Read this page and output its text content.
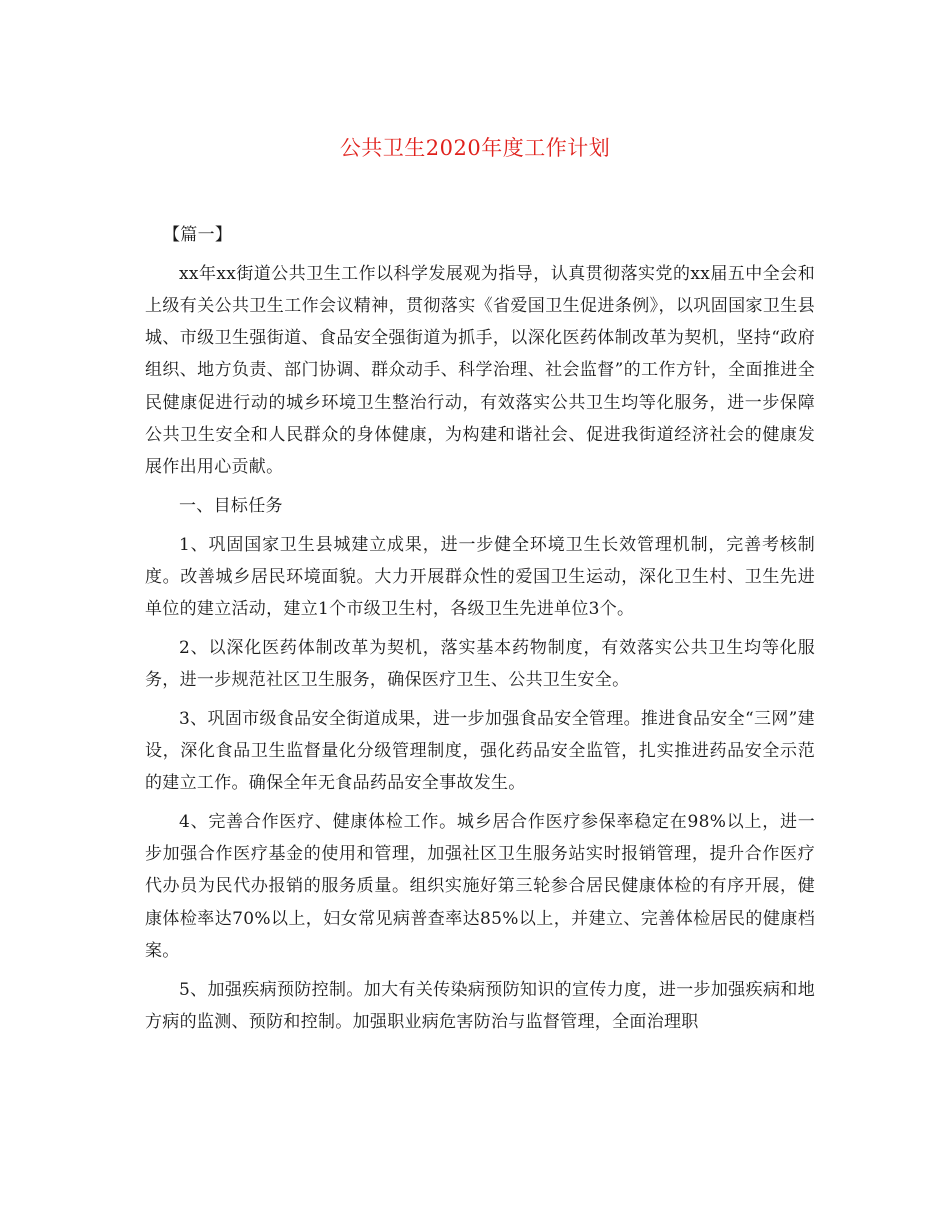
公共卫生2020年度工作计划

【篇一】

xx年xx街道公共卫生工作以科学发展观为指导，认真贯彻落实党的xx届五中全会和上级有关公共卫生工作会议精神，贯彻落实《省爱国卫生促进条例》，以巩固国家卫生县城、市级卫生强街道、食品安全强街道为抓手，以深化医药体制改革为契机，坚持“政府组织、地方负责、部门协调、群众动手、科学治理、社会监督”的工作方针，全面推进全民健康促进行动的城乡环境卫生整治行动，有效落实公共卫生均等化服务，进一步保障公共卫生安全和人民群众的身体健康，为构建和谐社会、促进我街道经济社会的健康发展作出用心贡献。

一、目标任务

1、巩固国家卫生县城建立成果，进一步健全环境卫生长效管理机制，完善考核制度。改善城乡居民环境面貌。大力开展群众性的爱国卫生运动，深化卫生村、卫生先进单位的建立活动，建立1个市级卫生村，各级卫生先进单位3个。

2、以深化医药体制改革为契机，落实基本药物制度，有效落实公共卫生均等化服务，进一步规范社区卫生服务，确保医疗卫生、公共卫生安全。

3、巩固市级食品安全街道成果，进一步加强食品安全管理。推进食品安全“三网”建设，深化食品卫生监督量化分级管理制度，强化药品安全监管，扎实推进药品安全示范的建立工作。确保全年无食品药品安全事故发生。

4、完善合作医疗、健康体检工作。城乡居合作医疗参保率稳定在98%以上，进一步加强合作医疗基金的使用和管理，加强社区卫生服务站实时报销管理，提升合作医疗代办员为民代办报销的服务质量。组织实施好第三轮参合居民健康体检的有序开展，健康体检率达70%以上，妇女常见病普查率达85%以上，并建立、完善体检居民的健康档案。

5、加强疾病预防控制。加大有关传染病预防知识的宣传力度，进一步加强疾病和地方病的监测、预防和控制。加强职业病危害防治与监督管理，全面治理职
